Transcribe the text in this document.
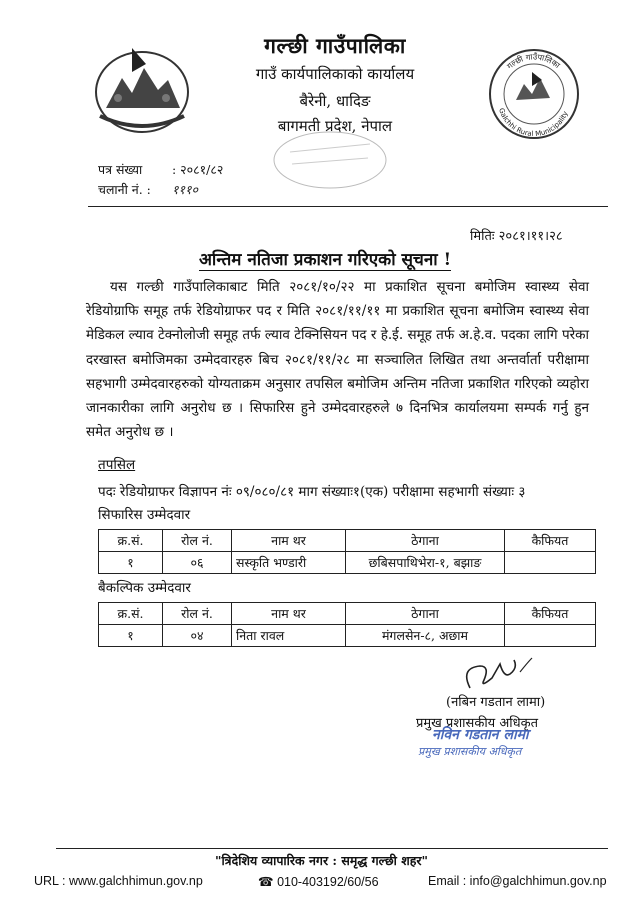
Galchhi Rural Municipality
गल्छी गाउँपालिका
गल्छी गाउँपालिका
गाउँ कार्यपालिकाको कार्यालय
बैरेनी, धादिङ
बागमती प्रदेश, नेपाल
पत्र संख्या : २०८१/८२
चलानी नं. : १११०
मितिः २०८१।११।२८
अन्तिम नतिजा प्रकाशन गरिएको सूचना !
यस गल्छी गाउँपालिकाबाट मिति २०८१/१०/२२ मा प्रकाशित सूचना बमोजिम स्वास्थ्य सेवा रेडियोग्राफि समूह तर्फ रेडियोग्राफर पद र मिति २०८१/११/११ मा प्रकाशित सूचना बमोजिम स्वास्थ्य सेवा मेडिकल ल्याव टेक्नोलोजी समूह तर्फ ल्याव टेक्निसियन पद र हे.ई. समूह तर्फ अ.हे.व. पदका लागि परेका दरखास्त बमोजिमका उम्मेदवारहरु बिच २०८१/११/२८ मा सञ्चालित लिखित तथा अन्तर्वार्ता परीक्षामा सहभागी उम्मेदवारहरुको योग्यताक्रम अनुसार तपसिल बमोजिम अन्तिम नतिजा प्रकाशित गरिएको व्यहोरा जानकारीका लागि अनुरोध छ । सिफारिस हुने उम्मेदवारहरुले ७ दिनभित्र कार्यालयमा सम्पर्क गर्नु हुन समेत अनुरोध छ ।
तपसिल
पदः रेडियोग्राफर विज्ञापन नंः ०९/०८०/८१ माग संख्याः१(एक) परीक्षामा सहभागी संख्याः ३
सिफारिस उम्मेदवार
क्र.सं.	रोल नं.	नाम थर	ठेगाना	कैफियत
१	०६	सस्कृति भण्डारी	छबिसपाथिभेरा-१, बझाङ	
बैकल्पिक उम्मेदवार
क्र.सं.	रोल नं.	नाम थर	ठेगाना	कैफियत
१	०४	निता रावल	मंगलसेन-८, अछाम	
(नबिन गडतान लामा)
प्रमुख प्रशासकीय अधिकृत
नविन गडतान लामा
प्रमुख प्रशासकीय अधिकृत
"त्रिदेशिय व्यापारिक नगर : समृद्ध गल्छी शहर"
URL : www.galchhimun.gov.np	☎ 010-403192/60/56	Email : info@galchhimun.gov.np
